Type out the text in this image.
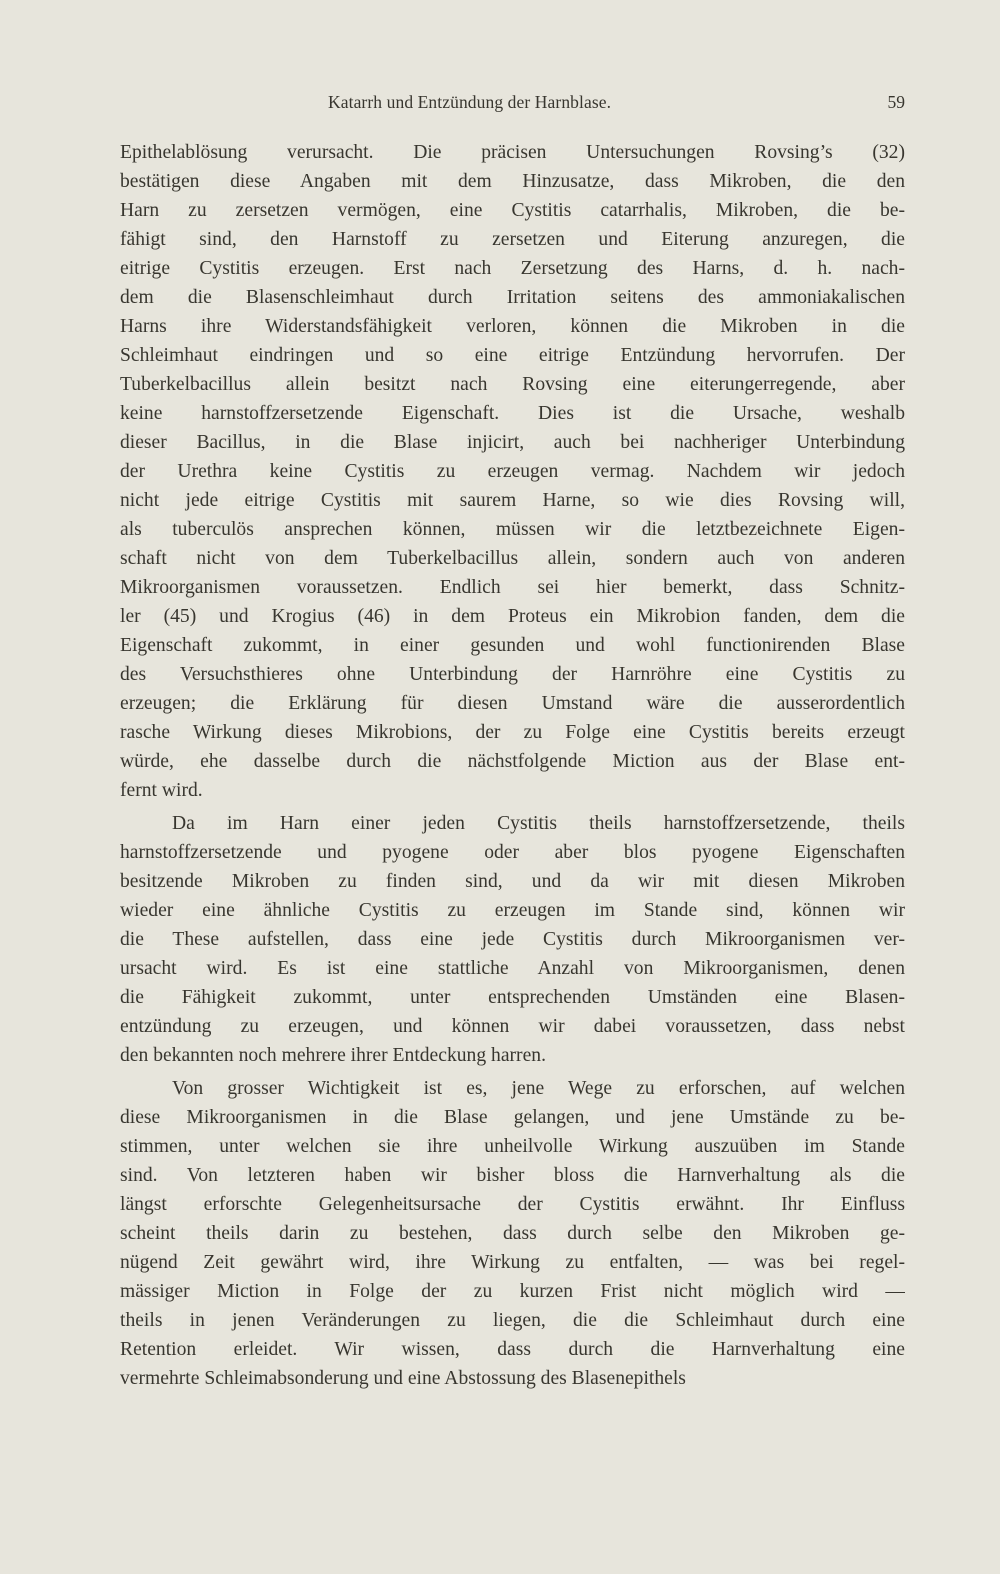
Katarrh und Entzündung der Harnblase.	59
Epithelablösung verursacht. Die präcisen Untersuchungen Rovsing’s (32)
bestätigen diese Angaben mit dem Hinzusatze, dass Mikroben, die den
Harn zu zersetzen vermögen, eine Cystitis catarrhalis, Mikroben, die be-
fähigt sind, den Harnstoff zu zersetzen und Eiterung anzuregen, die
eitrige Cystitis erzeugen. Erst nach Zersetzung des Harns, d. h. nach-
dem die Blasenschleimhaut durch Irritation seitens des ammoniakalischen
Harns ihre Widerstandsfähigkeit verloren, können die Mikroben in die
Schleimhaut eindringen und so eine eitrige Entzündung hervorrufen. Der
Tuberkelbacillus allein besitzt nach Rovsing eine eiterungerregende, aber
keine harnstoffzersetzende Eigenschaft. Dies ist die Ursache, weshalb
dieser Bacillus, in die Blase injicirt, auch bei nachheriger Unterbindung
der Urethra keine Cystitis zu erzeugen vermag. Nachdem wir jedoch
nicht jede eitrige Cystitis mit saurem Harne, so wie dies Rovsing will,
als tuberculös ansprechen können, müssen wir die letztbezeichnete Eigen-
schaft nicht von dem Tuberkelbacillus allein, sondern auch von anderen
Mikroorganismen voraussetzen. Endlich sei hier bemerkt, dass Schnitz-
ler (45) und Krogius (46) in dem Proteus ein Mikrobion fanden, dem die
Eigenschaft zukommt, in einer gesunden und wohl functionirenden Blase
des Versuchsthieres ohne Unterbindung der Harnröhre eine Cystitis zu
erzeugen; die Erklärung für diesen Umstand wäre die ausserordentlich
rasche Wirkung dieses Mikrobions, der zu Folge eine Cystitis bereits erzeugt
würde, ehe dasselbe durch die nächstfolgende Miction aus der Blase ent-
fernt wird.
Da im Harn einer jeden Cystitis theils harnstoffzersetzende, theils
harnstoffzersetzende und pyogene oder aber blos pyogene Eigenschaften
besitzende Mikroben zu finden sind, und da wir mit diesen Mikroben
wieder eine ähnliche Cystitis zu erzeugen im Stande sind, können wir
die These aufstellen, dass eine jede Cystitis durch Mikroorganismen ver-
ursacht wird. Es ist eine stattliche Anzahl von Mikroorganismen, denen
die Fähigkeit zukommt, unter entsprechenden Umständen eine Blasen-
entzündung zu erzeugen, und können wir dabei voraussetzen, dass nebst
den bekannten noch mehrere ihrer Entdeckung harren.
Von grosser Wichtigkeit ist es, jene Wege zu erforschen, auf welchen
diese Mikroorganismen in die Blase gelangen, und jene Umstände zu be-
stimmen, unter welchen sie ihre unheilvolle Wirkung auszuüben im Stande
sind. Von letzteren haben wir bisher bloss die Harnverhaltung als die
längst erforschte Gelegenheitsursache der Cystitis erwähnt. Ihr Einfluss
scheint theils darin zu bestehen, dass durch selbe den Mikroben ge-
nügend Zeit gewährt wird, ihre Wirkung zu entfalten, — was bei regel-
mässiger Miction in Folge der zu kurzen Frist nicht möglich wird —
theils in jenen Veränderungen zu liegen, die die Schleimhaut durch eine
Retention erleidet. Wir wissen, dass durch die Harnverhaltung eine
vermehrte Schleimabsonderung und eine Abstossung des Blasenepithels
